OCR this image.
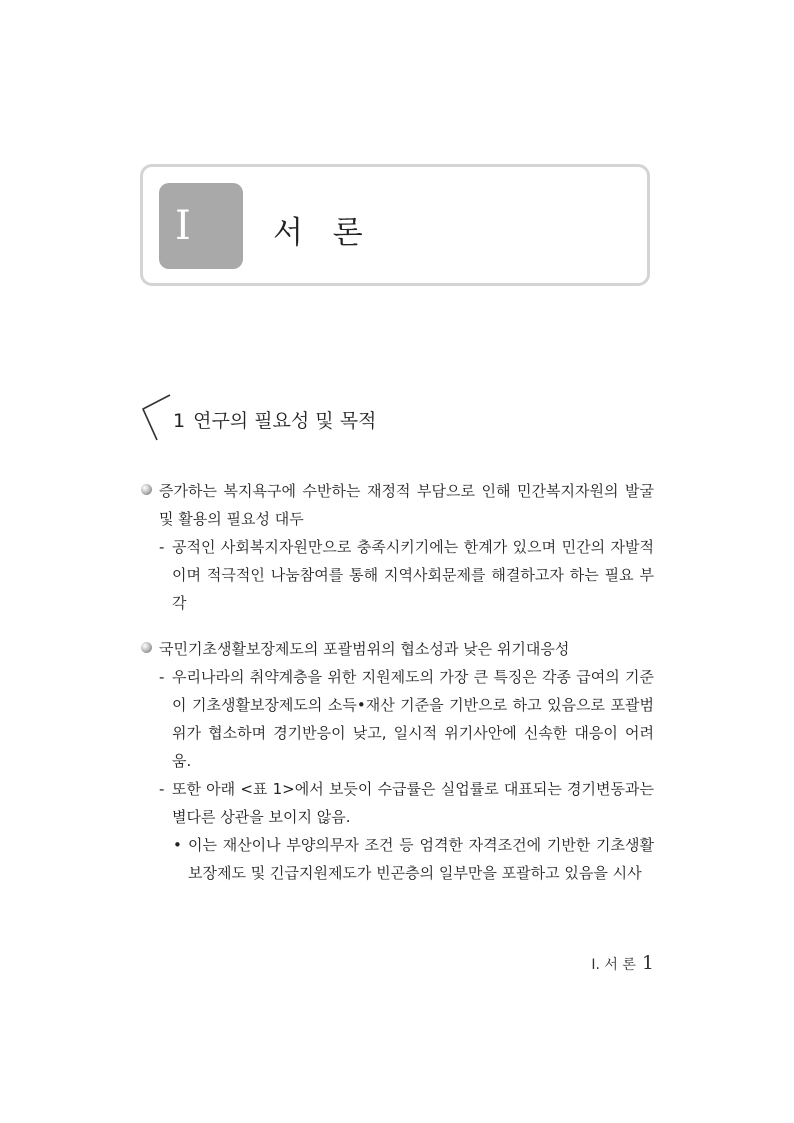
Ⅰ	서 론
1 연구의 필요성 및 목적
증가하는 복지욕구에 수반하는 재정적 부담으로 인해 민간복지자원의 발굴 및 활용의 필요성 대두
- 공적인 사회복지자원만으로 충족시키기에는 한계가 있으며 민간의 자발적이며 적극적인 나눔참여를 통해 지역사회문제를 해결하고자 하는 필요 부각
국민기초생활보장제도의 포괄범위의 협소성과 낮은 위기대응성
- 우리나라의 취약계층을 위한 지원제도의 가장 큰 특징은 각종 급여의 기준이 기초생활보장제도의 소득•재산 기준을 기반으로 하고 있음으로 포괄범위가 협소하며 경기반응이 낮고, 일시적 위기사안에 신속한 대응이 어려움.
- 또한 아래 <표 1>에서 보듯이 수급률은 실업률로 대표되는 경기변동과는 별다른 상관을 보이지 않음.
• 이는 재산이나 부양의무자 조건 등 엄격한 자격조건에 기반한 기초생활보장제도 및 긴급지원제도가 빈곤층의 일부만을 포괄하고 있음을 시사
Ⅰ. 서 론 1
